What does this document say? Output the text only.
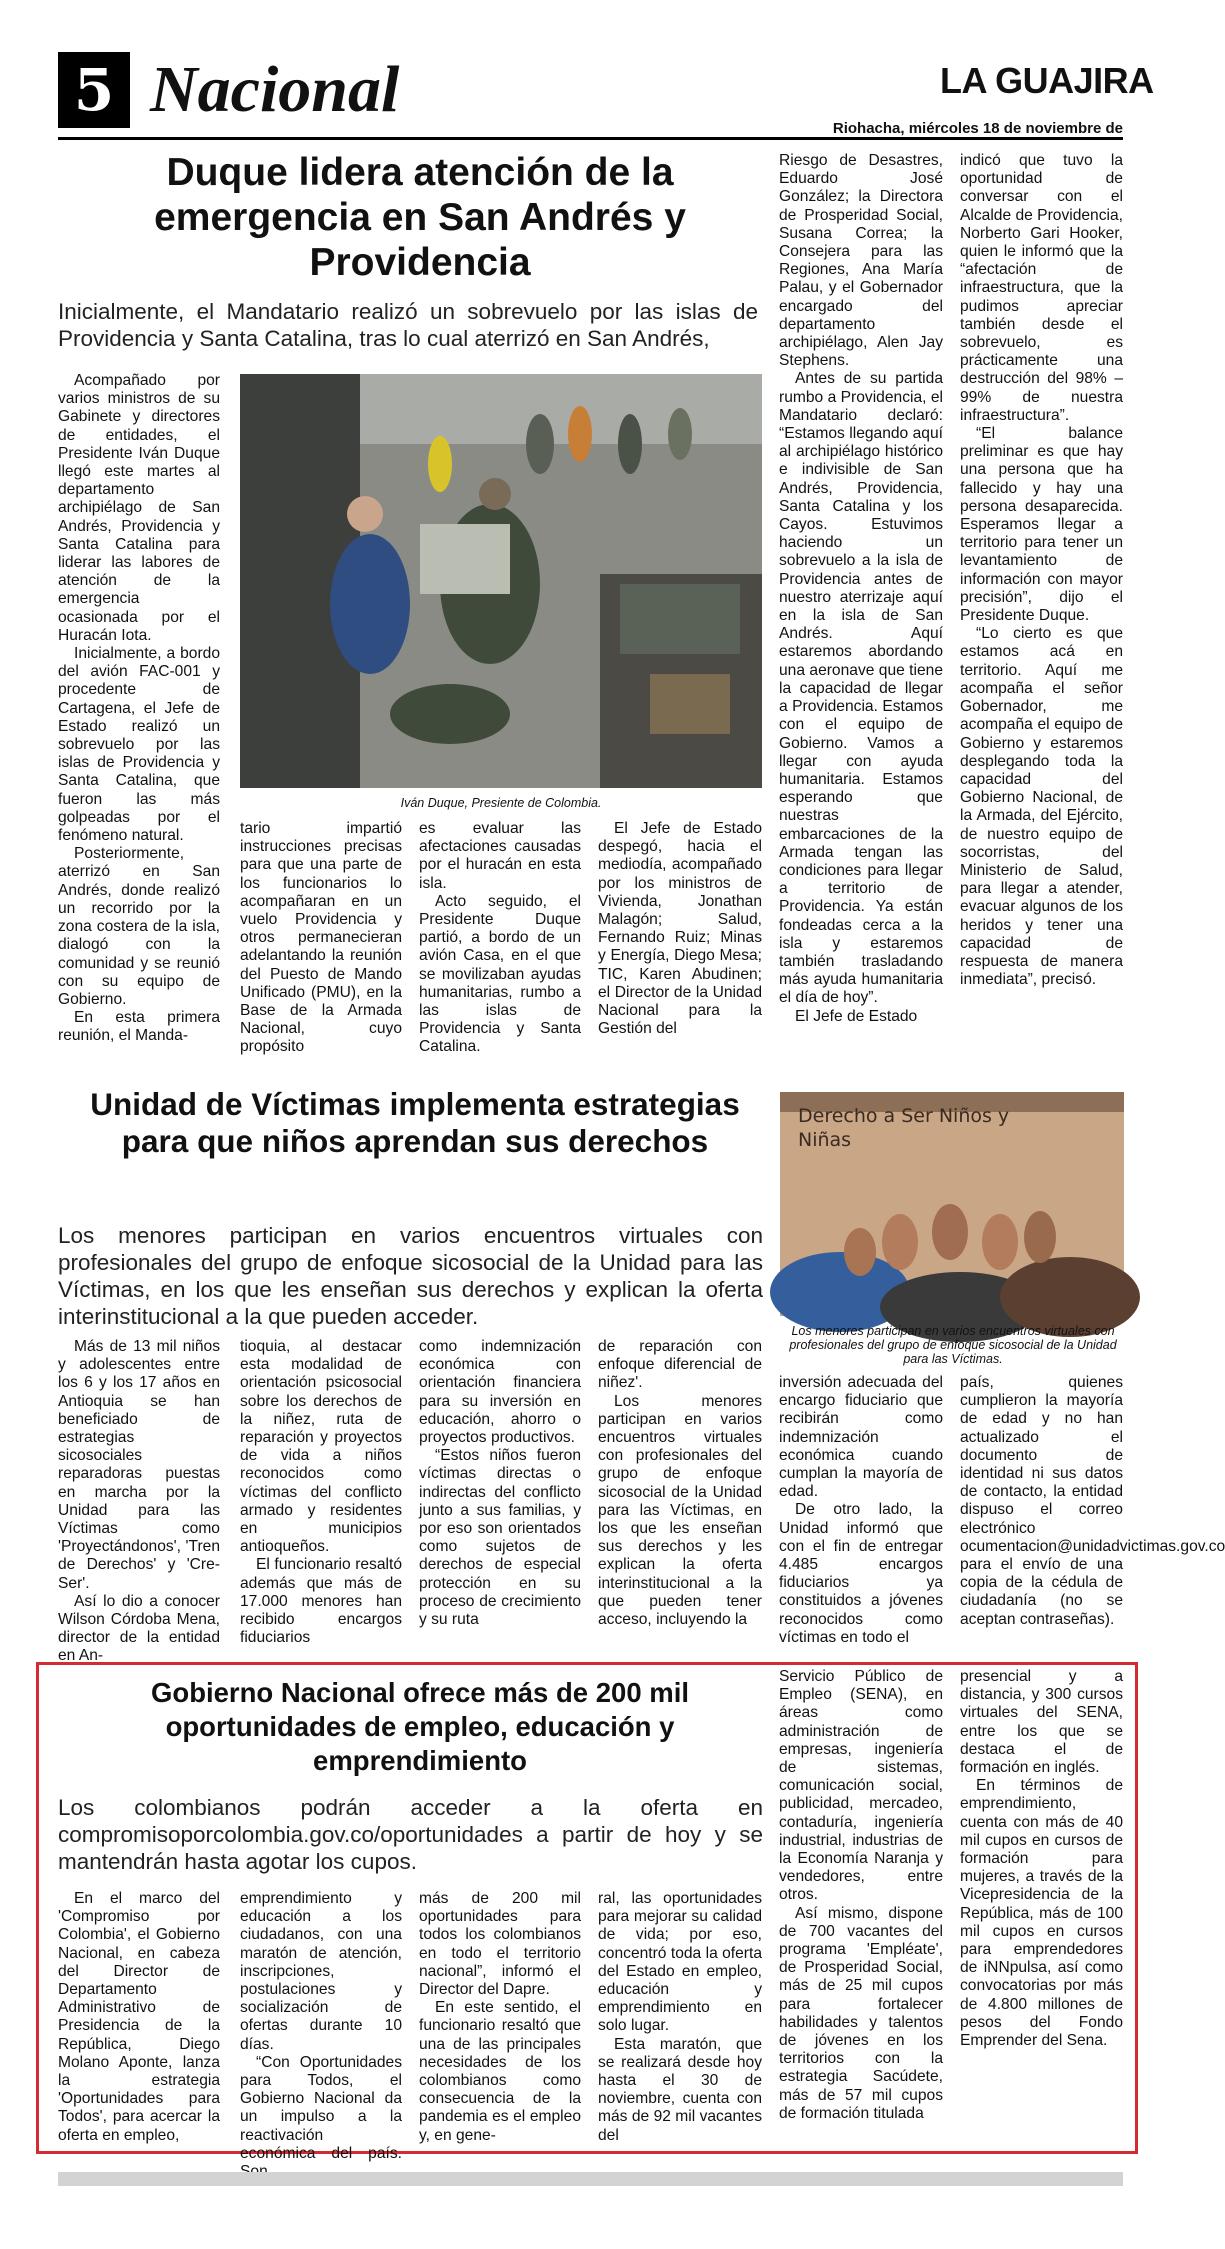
5 Nacional	LA GUAJIRA
Riohacha, miércoles 18 de noviembre de
Duque lidera atención de la emergencia en San Andrés y Providencia
Inicialmente, el Mandatario realizó un sobrevuelo por las islas de Providencia y Santa Catalina, tras lo cual aterrizó en San Andrés,

Acompañado por varios ministros de su Gabinete y directores de entidades, el Presidente Iván Duque llegó este martes al departamento archipiélago de San Andrés, Providencia y Santa Catalina para liderar las labores de atención de la emergencia ocasionada por el Huracán Iota.

Inicialmente, a bordo del avión FAC-001 y procedente de Cartagena, el Jefe de Estado realizó un sobrevuelo por las islas de Providencia y Santa Catalina, que fueron las más golpeadas por el fenómeno natural.

Posteriormente, aterrizó en San Andrés, donde realizó un recorrido por la zona costera de la isla, dialogó con la comunidad y se reunió con su equipo de Gobierno.

En esta primera reunión, el Manda-

Iván Duque, Presiente de Colombia.

tario impartió instrucciones precisas para que una parte de los funcionarios lo acompañaran en un vuelo Providencia y otros permanecieran adelantando la reunión del Puesto de Mando Unificado (PMU), en la Base de la Armada Nacional, cuyo propósito

es evaluar las afectaciones causadas por el huracán en esta isla.

Acto seguido, el Presidente Duque partió, a bordo de un avión Casa, en el que se movilizaban ayudas humanitarias, rumbo a las islas de Providencia y Santa Catalina.

El Jefe de Estado despegó, hacia el mediodía, acompañado por los ministros de Vivienda, Jonathan Malagón; Salud, Fernando Ruiz; Minas y Energía, Diego Mesa; TIC, Karen Abudinen; el Director de la Unidad Nacional para la Gestión del

Riesgo de Desastres, Eduardo José González; la Directora de Prosperidad Social, Susana Correa; la Consejera para las Regiones, Ana María Palau, y el Gobernador encargado del departamento archipiélago, Alen Jay Stephens.

Antes de su partida rumbo a Providencia, el Mandatario declaró: “Estamos llegando aquí al archipiélago histórico e indivisible de San Andrés, Providencia, Santa Catalina y los Cayos. Estuvimos haciendo un sobrevuelo a la isla de Providencia antes de nuestro aterrizaje aquí en la isla de San Andrés. Aquí estaremos abordando una aeronave que tiene la capacidad de llegar a Providencia. Estamos con el equipo de Gobierno. Vamos a llegar con ayuda humanitaria. Estamos esperando que nuestras embarcaciones de la Armada tengan las condiciones para llegar a territorio de Providencia. Ya están fondeadas cerca a la isla y estaremos también trasladando más ayuda humanitaria el día de hoy”.

El Jefe de Estado

indicó que tuvo la oportunidad de conversar con el Alcalde de Providencia, Norberto Gari Hooker, quien le informó que la “afectación de infraestructura, que la pudimos apreciar también desde el sobrevuelo, es prácticamente una destrucción del 98% – 99% de nuestra infraestructura”.

“El balance preliminar es que hay una persona que ha fallecido y hay una persona desaparecida. Esperamos llegar a territorio para tener un levantamiento de información con mayor precisión”, dijo el Presidente Duque.

“Lo cierto es que estamos acá en territorio. Aquí me acompaña el señor Gobernador, me acompaña el equipo de Gobierno y estaremos desplegando toda la capacidad del Gobierno Nacional, de la Armada, del Ejército, de nuestro equipo de socorristas, del Ministerio de Salud, para llegar a atender, evacuar algunos de los heridos y tener una capacidad de respuesta de manera inmediata”, precisó.

Unidad de Víctimas implementa estrategias para que niños aprendan sus derechos
Los menores participan en varios encuentros virtuales con profesionales del grupo de enfoque sicosocial de la Unidad para las Víctimas, en los que les enseñan sus derechos y explican la oferta interinstitucional a la que pueden acceder.
Derecho a Ser Niños y Niñas
Los menores participan en varios encuentros virtuales con profesionales del grupo de enfoque sicosocial de la Unidad para las Víctimas.

Más de 13 mil niños y adolescentes entre los 6 y los 17 años en Antioquia se han beneficiado de estrategias sicosociales reparadoras puestas en marcha por la Unidad para las Víctimas como 'Proyectándonos', 'Tren de Derechos' y 'Cre-Ser'.

Así lo dio a conocer Wilson Córdoba Mena, director de la entidad en An-

tioquia, al destacar esta modalidad de orientación psicosocial sobre los derechos de la niñez, ruta de reparación y proyectos de vida a niños reconocidos como víctimas del conflicto armado y residentes en municipios antioqueños.

El funcionario resaltó además que más de 17.000 menores han recibido encargos fiduciarios

como indemnización económica con orientación financiera para su inversión en educación, ahorro o proyectos productivos.

“Estos niños fueron víctimas directas o indirectas del conflicto junto a sus familias, y por eso son orientados como sujetos de derechos de especial protección en su proceso de crecimiento y su ruta

de reparación con enfoque diferencial de niñez'.

Los menores participan en varios encuentros virtuales con profesionales del grupo de enfoque sicosocial de la Unidad para las Víctimas, en los que les enseñan sus derechos y les explican la oferta interinstitucional a la que pueden tener acceso, incluyendo la

inversión adecuada del encargo fiduciario que recibirán como indemnización económica cuando cumplan la mayoría de edad.

De otro lado, la Unidad informó que con el fin de entregar 4.485 encargos fiduciarios ya constituidos a jóvenes reconocidos como víctimas en todo el

país, quienes cumplieron la mayoría de edad y no han actualizado el documento de identidad ni sus datos de contacto, la entidad dispuso el correo electrónico ocumentacion@unidadvictimas.gov.co para el envío de una copia de la cédula de ciudadanía (no se aceptan contraseñas).

Gobierno Nacional ofrece más de 200 mil oportunidades de empleo, educación y emprendimiento
Los colombianos podrán acceder a la oferta en compromisoporcolombia.gov.co/oportunidades a partir de hoy y se mantendrán hasta agotar los cupos.

En el marco del 'Compromiso por Colombia', el Gobierno Nacional, en cabeza del Director de Departamento Administrativo de Presidencia de la República, Diego Molano Aponte, lanza la estrategia 'Oportunidades para Todos', para acercar la oferta en empleo,

emprendimiento y educación a los ciudadanos, con una maratón de atención, inscripciones, postulaciones y socialización de ofertas durante 10 días.

“Con Oportunidades para Todos, el Gobierno Nacional da un impulso a la reactivación económica del país.

más de 200 mil oportunidades para todos los colombianos en todo el territorio nacional”, informó el Director del Dapre.

En este sentido, el funcionario resaltó que una de las principales necesidades de los colombianos como consecuencia de la pandemia es el empleo y, en gene-

ral, las oportunidades para mejorar su calidad de vida; por eso, concentró toda la oferta del Estado en empleo, educación y emprendimiento en solo lugar.

Esta maratón, que se realizará desde hoy hasta el 30 de noviembre, cuenta con más de 92 mil vacantes del

Servicio Público de Empleo (SENA), en áreas como administración de empresas, ingeniería de sistemas, comunicación social, publicidad, mercadeo, contaduría, ingeniería industrial, industrias de la Economía Naranja y vendedores, entre otros.

Así mismo, dispone de 700 vacantes del programa 'Empléate', de Prosperidad Social, más de 25 mil cupos para fortalecer habilidades y talentos de jóvenes en los territorios con la estrategia Sacúdete, más de 57 mil cupos de formación titulada

presencial y a distancia, y 300 cursos virtuales del SENA, entre los que se destaca el de formación en inglés.

En términos de emprendimiento, cuenta con más de 40 mil cupos en cursos de formación para mujeres, a través de la Vicepresidencia de la República, más de 100 mil cupos en cursos para emprendedores de iNNpulsa, así como convocatorias por más de 4.800 millones de pesos del Fondo Emprender del Sena.
